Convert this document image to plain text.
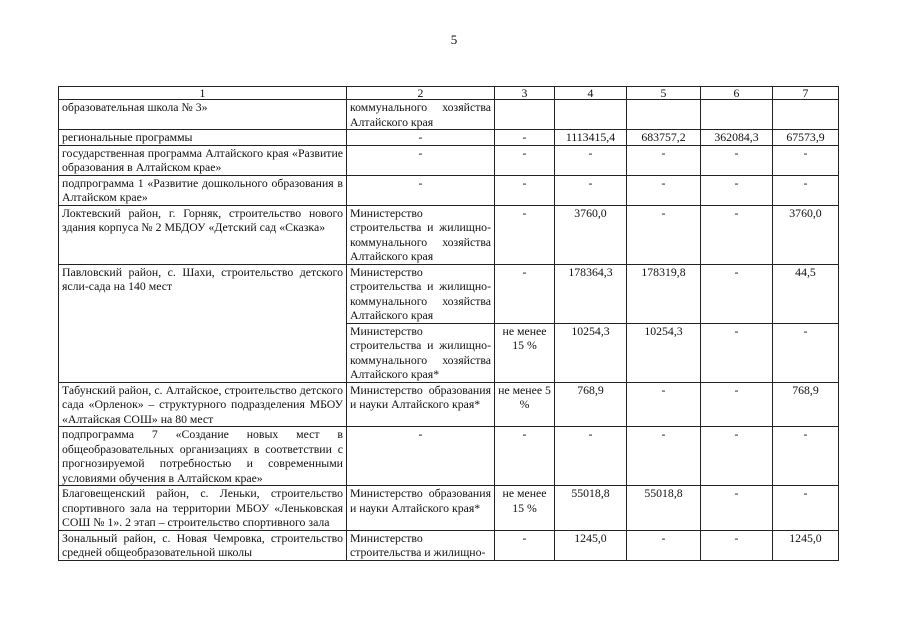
5
1	2	3	4	5	6	7
образовательная школа № 3»	коммунального хозяйства Алтайского края					
региональные программы	-	-	1113415,4	683757,2	362084,3	67573,9
государственная программа Алтайского края «Развитие образования в Алтайском крае»	-	-	-	-	-	-
подпрограмма 1 «Развитие дошкольного образования в Алтайском крае»	-	-	-	-	-	-
Локтевский район, г. Горняк, строительство нового здания корпуса № 2 МБДОУ «Детский сад «Сказка»	Министерство строительства и жилищно-коммунального хозяйства Алтайского края	-	3760,0	-	-	3760,0
Павловский район, с. Шахи, строительство детского ясли-сада на 140 мест	Министерство строительства и жилищно-коммунального хозяйства Алтайского края	-	178364,3	178319,8	-	44,5
	Министерство строительства и жилищно-коммунального хозяйства Алтайского края*	не менее 15 %	10254,3	10254,3	-	-
Табунский район, с. Алтайское, строительство детского сада «Орленок» – структурного подразделения МБОУ «Алтайская СОШ» на 80 мест	Министерство образования и науки Алтайского края*	не менее 5 %	768,9	-	-	768,9
подпрограмма 7 «Создание новых мест в общеобразовательных организациях в соответствии с прогнозируемой потребностью и современными условиями обучения в Алтайском крае»	-	-	-	-	-	-
Благовещенский район, с. Леньки, строительство спортивного зала на территории МБОУ «Леньковская СОШ № 1». 2 этап – строительство спортивного зала	Министерство образования и науки Алтайского края*	не менее 15 %	55018,8	55018,8	-	-
Зональный район, с. Новая Чемровка, строительство средней общеобразовательной школы	Министерство строительства и жилищно-	-	1245,0	-	-	1245,0
